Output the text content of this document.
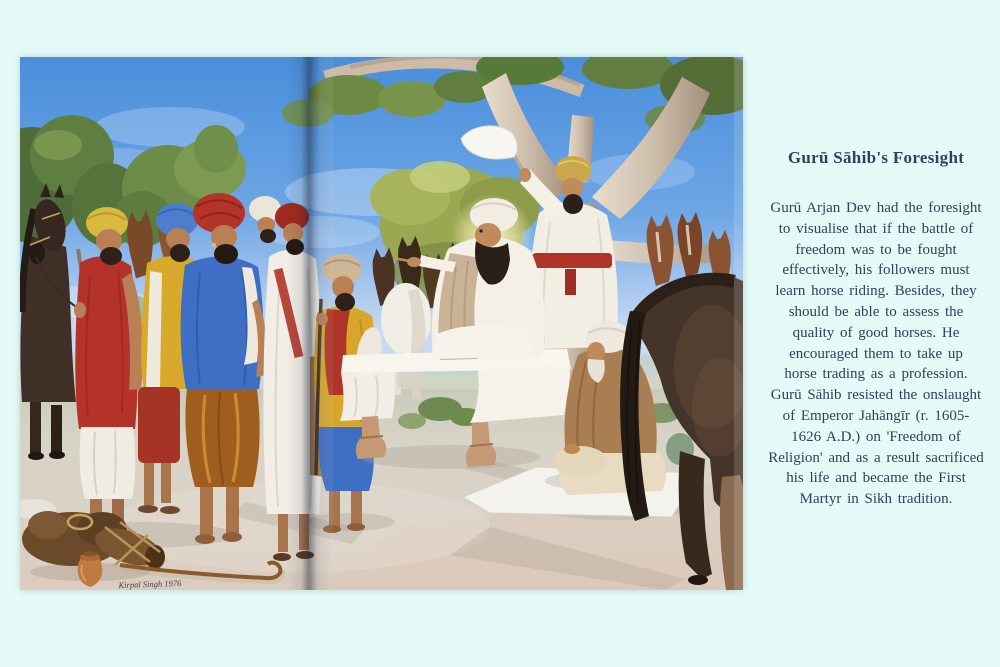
Kirpal Singh 1976
Gurū Sāhib's Foresight
Gurū Arjan Dev had the foresight
to visualise that if the battle of
freedom was to be fought
effectively, his followers must
learn horse riding. Besides, they
should be able to assess the
quality of good horses. He
encouraged them to take up
horse trading as a profession.
Gurū Sāhib resisted the onslaught
of Emperor Jahāngīr (r. 1605-
1626 A.D.) on 'Freedom of
Religion' and as a result sacrificed
his life and became the First
Martyr in Sikh tradition.
